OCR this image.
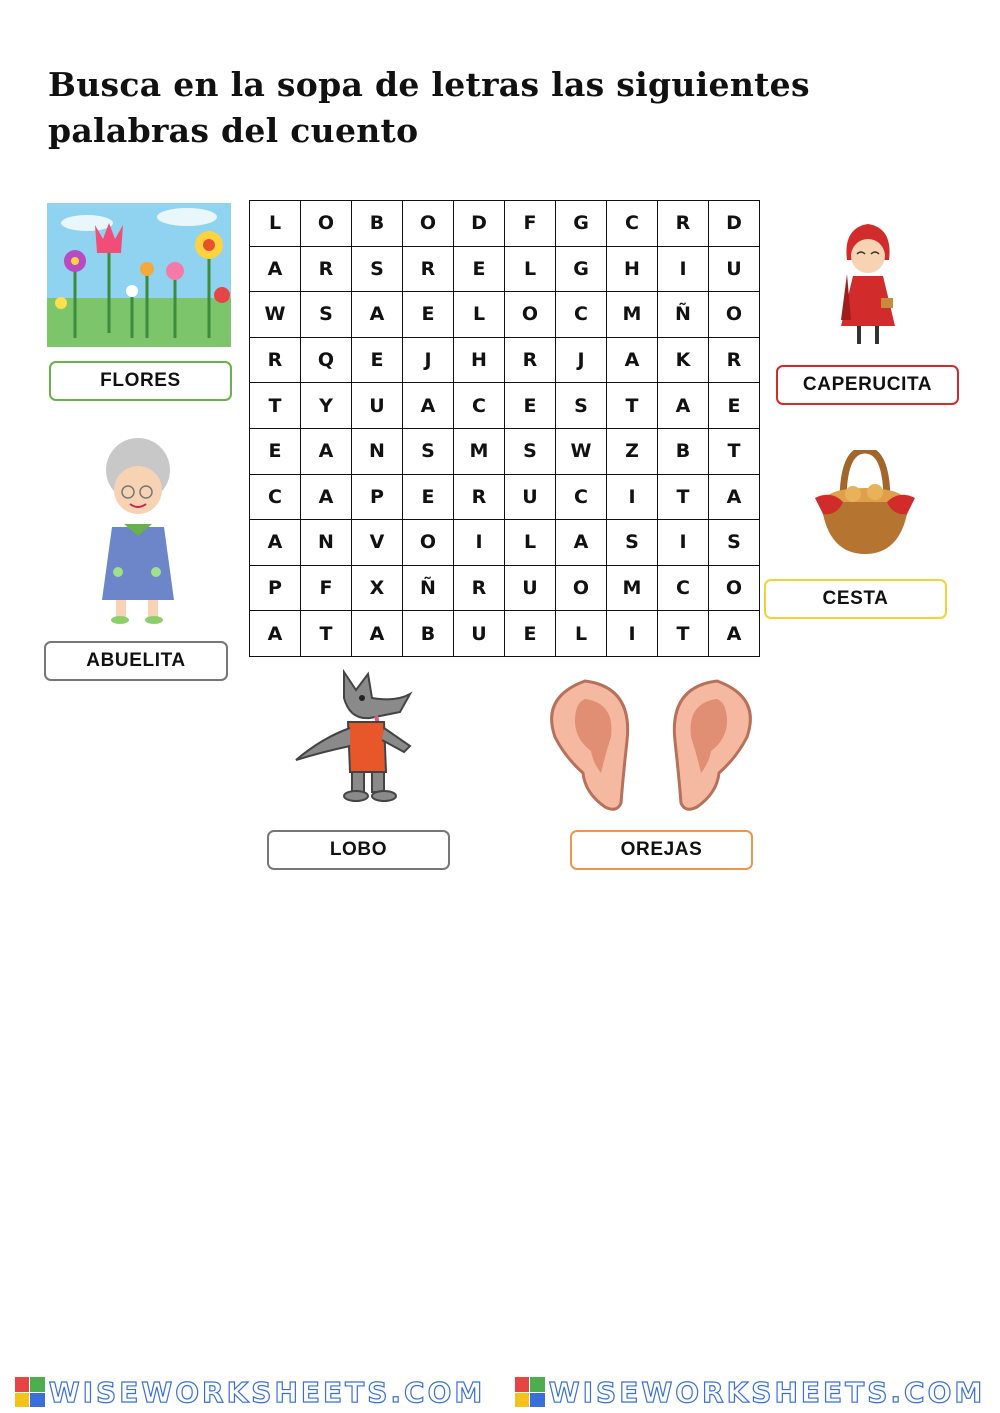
Busca en la sopa de letras las siguientes palabras del cuento
L	O	B	O	D	F	G	C	R	D
A	R	S	R	E	L	G	H	I	U
W	S	A	E	L	O	C	M	Ñ	O
R	Q	E	J	H	R	J	A	K	R
T	Y	U	A	C	E	S	T	A	E
E	A	N	S	M	S	W	Z	B	T
C	A	P	E	R	U	C	I	T	A
A	N	V	O	I	L	A	S	I	S
P	F	X	Ñ	R	U	O	M	C	O
A	T	A	B	U	E	L	I	T	A
FLORES
ABUELITA
CAPERUCITA
CESTA
LOBO	OREJAS
WISEWORKSHEETS.COM WISEWORKSHEETS.COM
